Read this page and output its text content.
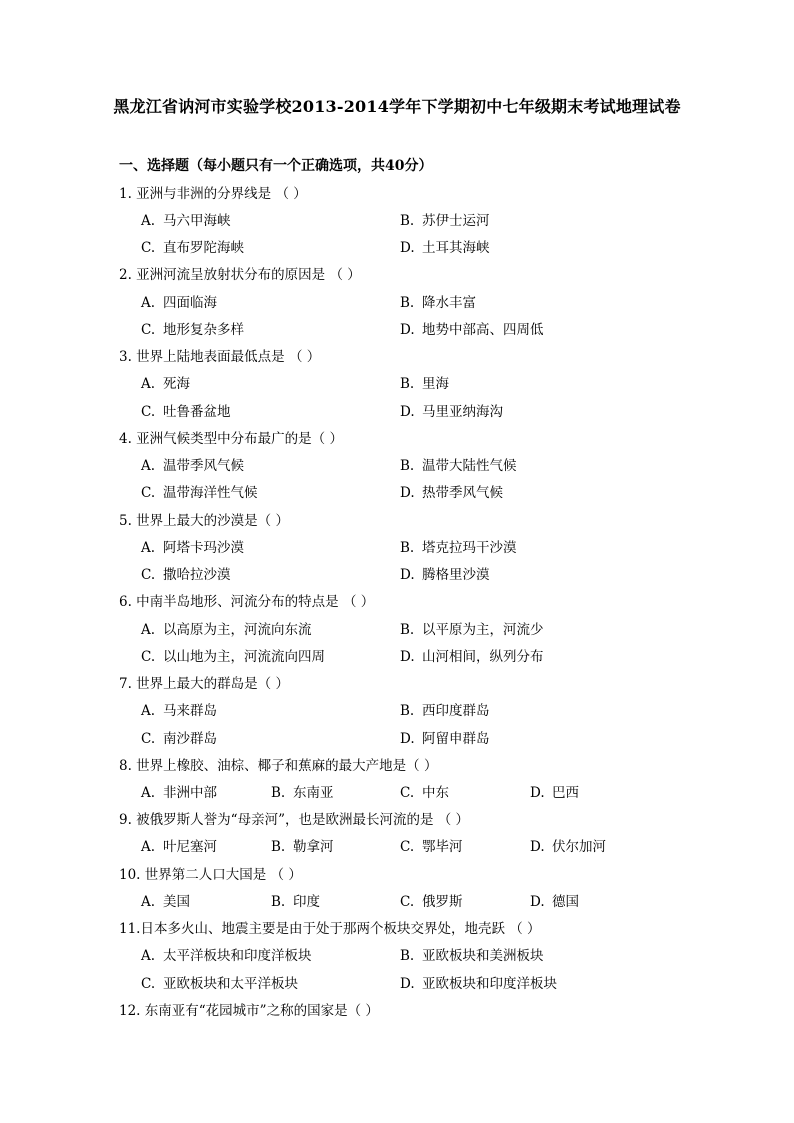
黑龙江省讷河市实验学校2013-2014学年下学期初中七年级期末考试地理试卷
一、选择题（每小题只有一个正确选项，共40分）
1. 亚洲与非洲的分界线是 （ ）
A. 马六甲海峡	B. 苏伊士运河
C. 直布罗陀海峡	D. 土耳其海峡
2. 亚洲河流呈放射状分布的原因是 （ ）
A. 四面临海	B. 降水丰富
C. 地形复杂多样	D. 地势中部高、四周低
3. 世界上陆地表面最低点是 （ ）
A. 死海	B. 里海
C. 吐鲁番盆地	D. 马里亚纳海沟
4. 亚洲气候类型中分布最广的是（ ）
A. 温带季风气候	B. 温带大陆性气候
C. 温带海洋性气候	D. 热带季风气候
5. 世界上最大的沙漠是（ ）
A. 阿塔卡玛沙漠	B. 塔克拉玛干沙漠
C. 撒哈拉沙漠	D. 腾格里沙漠
6. 中南半岛地形、河流分布的特点是 （ ）
A. 以高原为主，河流向东流	B. 以平原为主，河流少
C. 以山地为主，河流流向四周	D. 山河相间，纵列分布
7. 世界上最大的群岛是（ ）
A. 马来群岛	B. 西印度群岛
C. 南沙群岛	D. 阿留申群岛
8. 世界上橡胶、油棕、椰子和蕉麻的最大产地是（ ）
A. 非洲中部	B. 东南亚	C. 中东	D. 巴西
9. 被俄罗斯人誉为“母亲河”，也是欧洲最长河流的是 （ ）
A. 叶尼塞河	B. 勒拿河	C. 鄂毕河	D. 伏尔加河
10. 世界第二人口大国是 （ ）
A. 美国	B. 印度	C. 俄罗斯	D. 德国
11.日本多火山、地震主要是由于处于那两个板块交界处，地壳跃 （ ）
A. 太平洋板块和印度洋板块	B. 亚欧板块和美洲板块
C. 亚欧板块和太平洋板块	D. 亚欧板块和印度洋板块
12. 东南亚有“花园城市”之称的国家是（ ）
